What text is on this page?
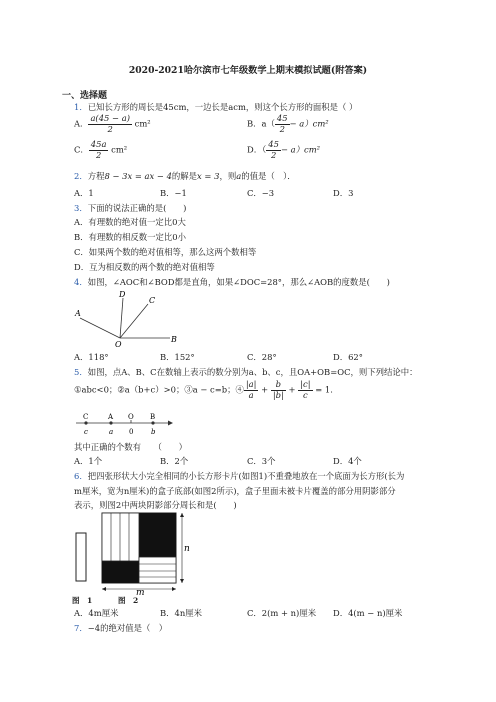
2020-2021哈尔滨市七年级数学上期末模拟试题(附答案)
一、选择题
1．已知长方形的周长是45cm，一边长是acm，则这个长方形的面积是（ ）
A． $\frac{a(45 - a)}{2} cm^2$	B．$a( \frac{45}{2} - a)cm^2$
C． $\frac{45a}{2} cm^2$	D．（ $\frac{45}{2} - a)cm^2$
2．方程8 − 3x = ax − 4的解是x = 3，则a的值是（　）．
A．1	B．−1	C．−3	D．3
3．下面的说法正确的是(　　)
A．有理数的绝对值一定比0大
B．有理数的相反数一定比0小
C．如果两个数的绝对值相等，那么这两个数相等
D．互为相反数的两个数的绝对值相等
4．如图，∠AOC和∠BOD都是直角，如果∠DOC=28°，那么∠AOB的度数是(　　)
A
D
C
B
O
A．118°	B．152°	C．28°	D．62°
5．如图，点A、B、C在数轴上表示的数分别为a、b、c，且OA+OB=OC，则下列结论中：
①abc<0；②a（b+c）>0；③a − c=b；④ $\frac{|a|}{a} + \frac{b}{|b|} + \frac{|c|}{c} = 1$．
C	A O B
c	a 0	b
其中正确的个数有　　（　　）
A．1个	B．2个	C．3个	D．4个
6．把四张形状大小完全相同的小长方形卡片(如图1)不重叠地放在一个底面为长方形(长为
m厘米，宽为n厘米)的盒子底部(如图2所示)，盒子里面未被卡片覆盖的部分用阴影部分
表示，则图2中两块阴影部分周长和是(　　)
n
m
图　1	图　2
A．4m厘米	B．4n厘米	C．2(m + n)厘米 D．4(m − n)厘米
7．−4的绝对值是（　）
